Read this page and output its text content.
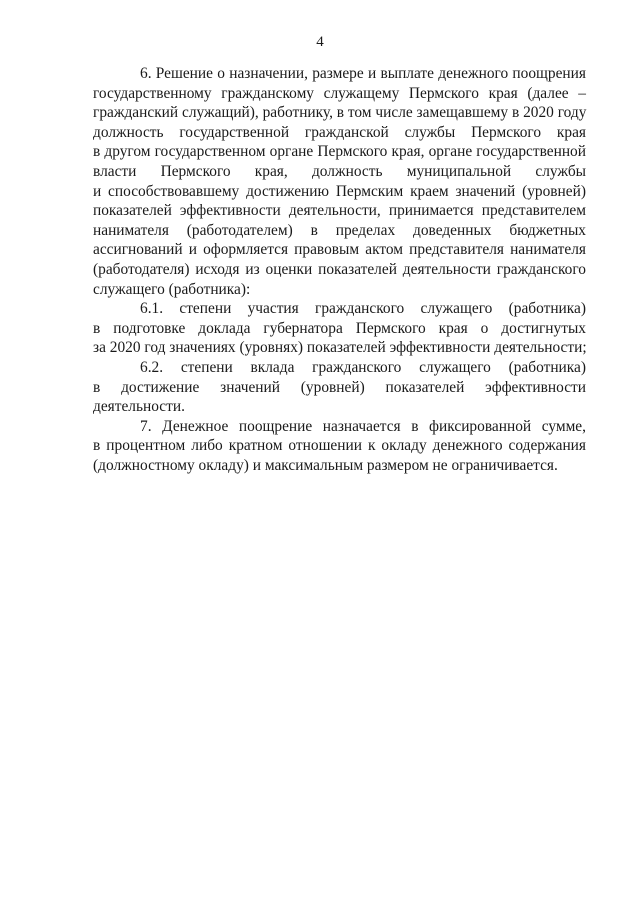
4
6. Решение о назначении, размере и выплате денежного поощрения
государственному гражданскому служащему Пермского края (далее –
гражданский служащий), работнику, в том числе замещавшему в 2020 году
должность государственной гражданской службы Пермского края
в другом государственном органе Пермского края, органе государственной
власти Пермского края, должность муниципальной службы
и способствовавшему достижению Пермским краем значений (уровней)
показателей эффективности деятельности, принимается представителем
нанимателя (работодателем) в пределах доведенных бюджетных
ассигнований и оформляется правовым актом представителя нанимателя
(работодателя) исходя из оценки показателей деятельности гражданского
служащего (работника):
6.1. степени участия гражданского служащего (работника)
в подготовке доклада губернатора Пермского края о достигнутых
за 2020 год значениях (уровнях) показателей эффективности деятельности;
6.2. степени вклада гражданского служащего (работника)
в достижение значений (уровней) показателей эффективности
деятельности.
7. Денежное поощрение назначается в фиксированной сумме,
в процентном либо кратном отношении к окладу денежного содержания
(должностному окладу) и максимальным размером не ограничивается.
